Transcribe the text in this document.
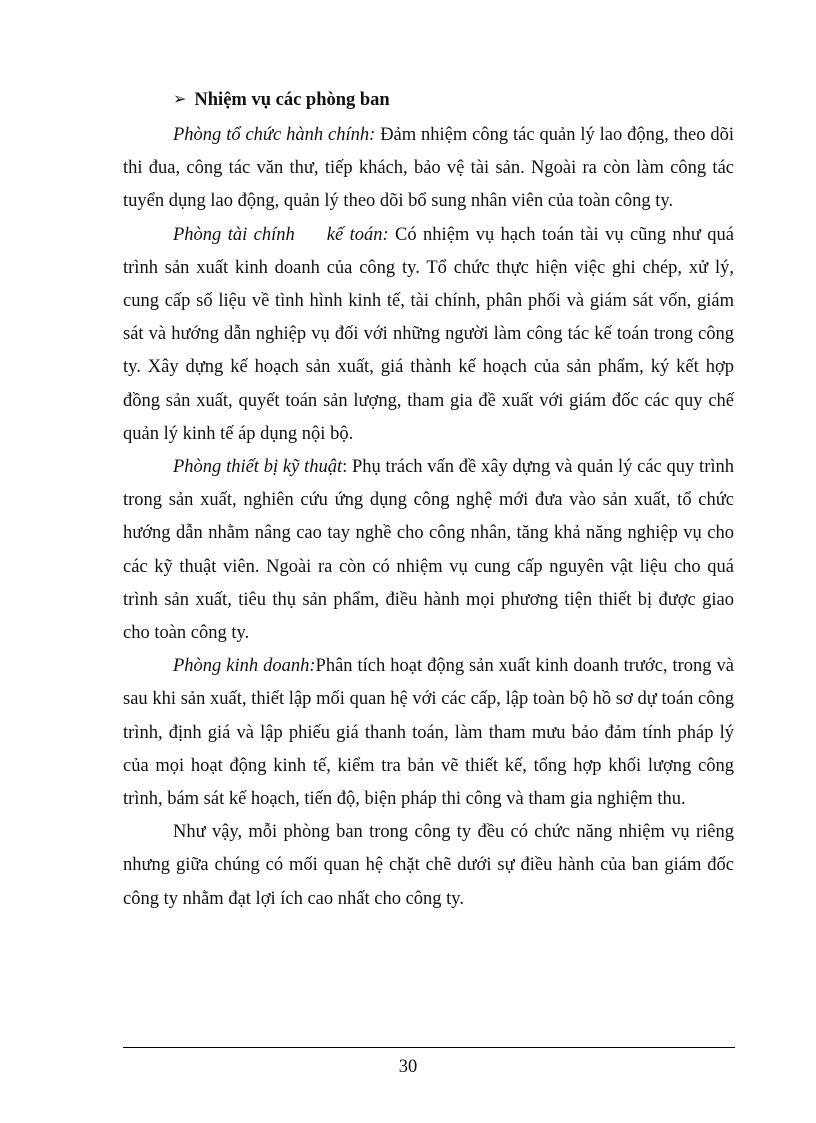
➢ Nhiệm vụ các phòng ban

Phòng tổ chức hành chính: Đảm nhiệm công tác quản lý lao động, theo dõi thi đua, công tác văn thư, tiếp khách, bảo vệ tài sản. Ngoài ra còn làm công tác tuyển dụng lao động, quản lý theo dõi bổ sung nhân viên của toàn công ty.

Phòng tài chính     kế toán: Có nhiệm vụ hạch toán tài vụ cũng như quá trình sản xuất kinh doanh của công ty. Tổ chức thực hiện việc ghi chép, xử lý, cung cấp số liệu về tình hình kinh tế, tài chính, phân phối và giám sát vốn, giám sát và hướng dẫn nghiệp vụ đối với những người làm công tác kế toán trong công ty. Xây dựng kế hoạch sản xuất, giá thành kế hoạch của sản phẩm, ký kết hợp đồng sản xuất, quyết toán sản lượng, tham gia đề xuất với giám đốc các quy chế quản lý kinh tế áp dụng nội bộ.

Phòng thiết bị kỹ thuật: Phụ trách vấn đề xây dựng và quản lý các quy trình trong sản xuất, nghiên cứu ứng dụng công nghệ mới đưa vào sản xuất, tổ chức hướng dẫn nhằm nâng cao tay nghề cho công nhân, tăng khả năng nghiệp vụ cho các kỹ thuật viên. Ngoài ra còn có nhiệm vụ cung cấp nguyên vật liệu cho quá trình sản xuất, tiêu thụ sản phẩm, điều hành mọi phương tiện thiết bị được giao cho toàn công ty.

Phòng kinh doanh:Phân tích hoạt động sản xuất kinh doanh trước, trong và sau khi sản xuất, thiết lập mối quan hệ với các cấp, lập toàn bộ hồ sơ dự toán công trình, định giá và lập phiếu giá thanh toán, làm tham mưu bảo đảm tính pháp lý của mọi hoạt động kinh tế, kiểm tra bản vẽ thiết kế, tổng hợp khối lượng công trình, bám sát kế hoạch, tiến độ, biện pháp thi công và tham gia nghiệm thu.

Như vậy, mỗi phòng ban trong công ty đều có chức năng nhiệm vụ riêng nhưng giữa chúng có mối quan hệ chặt chẽ dưới sự điều hành của ban giám đốc công ty nhằm đạt lợi ích cao nhất cho công ty.

30
